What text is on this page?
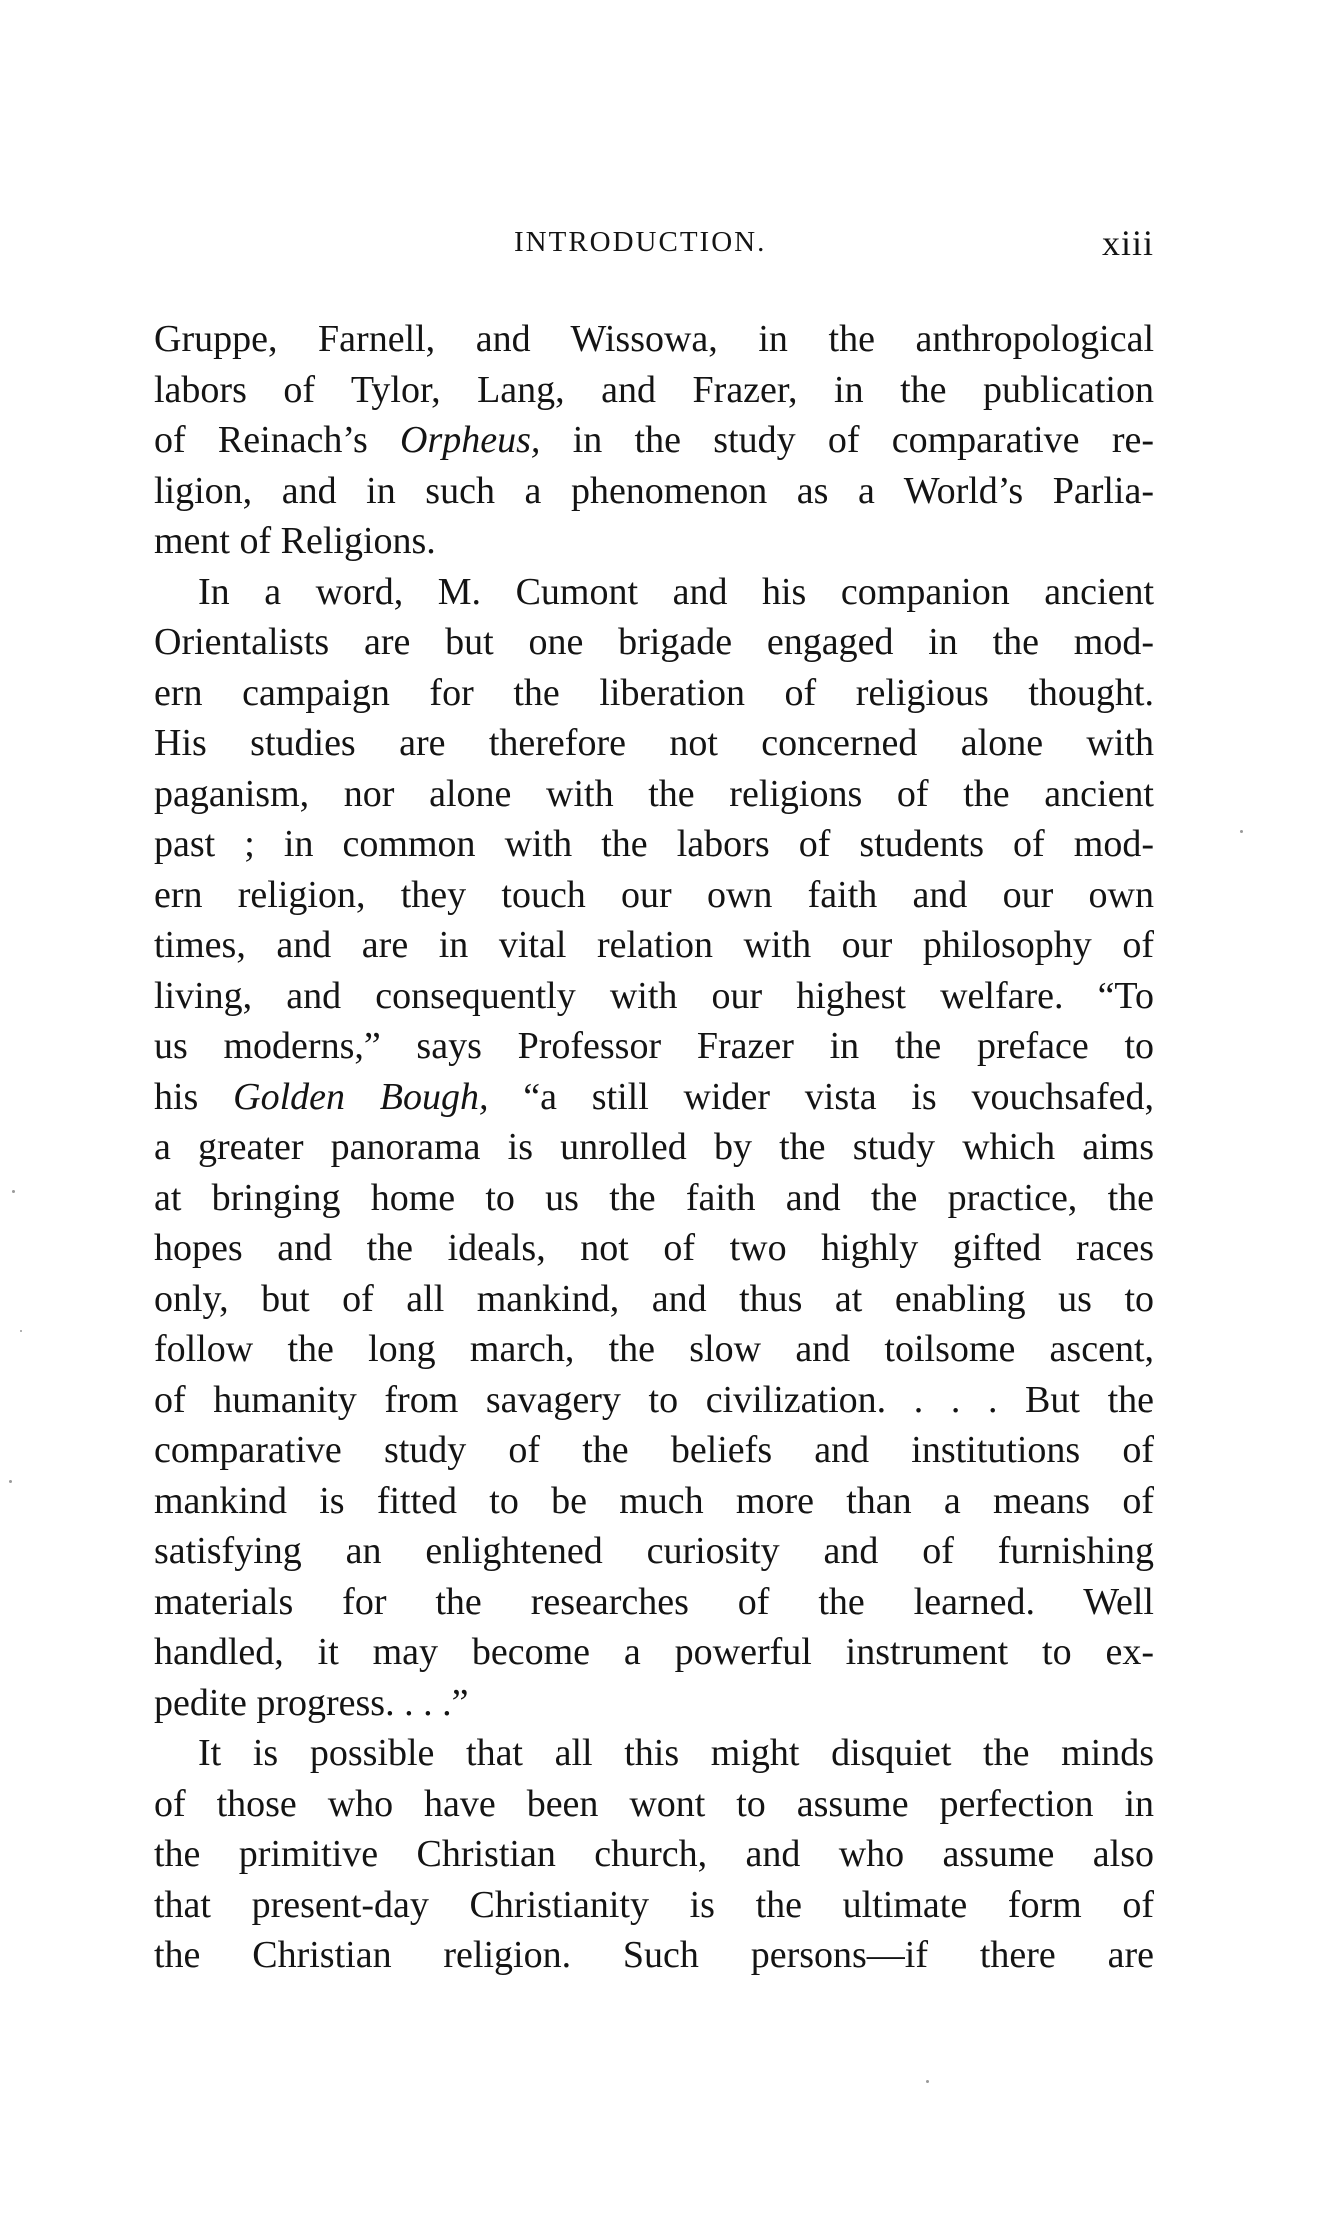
INTRODUCTION.	xiii
Gruppe, Farnell, and Wissowa, in the anthropological
labors of Tylor, Lang, and Frazer, in the publication
of Reinach’s Orpheus, in the study of comparative re-
ligion, and in such a phenomenon as a World’s Parlia-
ment of Religions.
In a word, M. Cumont and his companion ancient
Orientalists are but one brigade engaged in the mod-
ern campaign for the liberation of religious thought.
His studies are therefore not concerned alone with
paganism, nor alone with the religions of the ancient
past ; in common with the labors of students of mod-
ern religion, they touch our own faith and our own
times, and are in vital relation with our philosophy of
living, and consequently with our highest welfare. “To
us moderns,” says Professor Frazer in the preface to
his Golden Bough, “a still wider vista is vouchsafed,
a greater panorama is unrolled by the study which aims
at bringing home to us the faith and the practice, the
hopes and the ideals, not of two highly gifted races
only, but of all mankind, and thus at enabling us to
follow the long march, the slow and toilsome ascent,
of humanity from savagery to civilization. . . . But the
comparative study of the beliefs and institutions of
mankind is fitted to be much more than a means of
satisfying an enlightened curiosity and of furnishing
materials for the researches of the learned. Well
handled, it may become a powerful instrument to ex-
pedite progress. . . .”
It is possible that all this might disquiet the minds
of those who have been wont to assume perfection in
the primitive Christian church, and who assume also
that present-day Christianity is the ultimate form of
the Christian religion. Such persons—if there are
